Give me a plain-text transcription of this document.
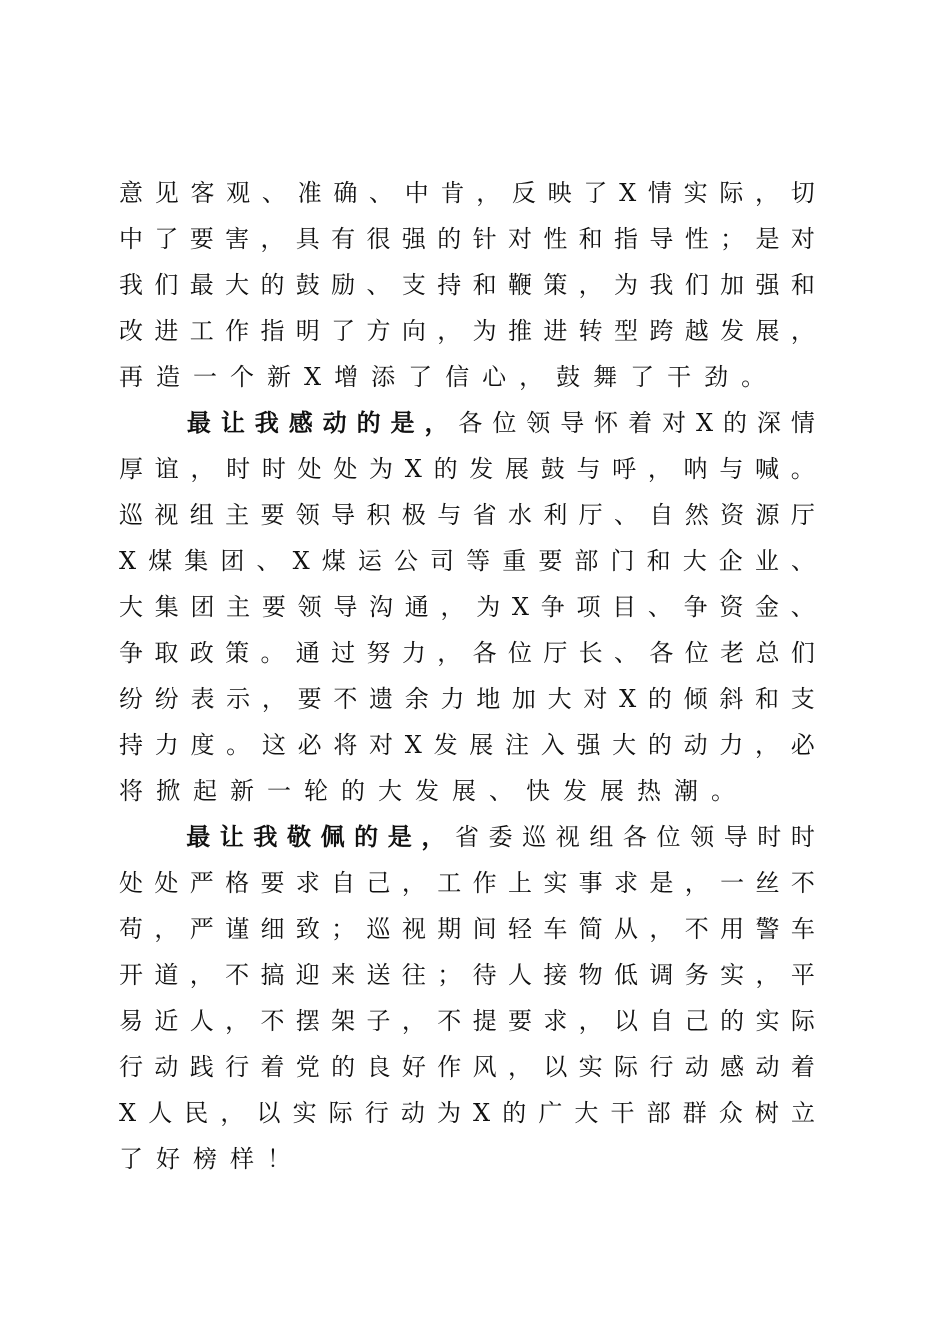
意 见 客 观 、 准 确 、 中 肯 ， 反 映 了 X 情 实 际 ， 切
中 了 要 害 ， 具 有 很 强 的 针 对 性 和 指 导 性 ； 是 对
我 们 最 大 的 鼓 励 、 支 持 和 鞭 策 ， 为 我 们 加 强 和
改 进 工 作 指 明 了 方 向 ， 为 推 进 转 型 跨 越 发 展 ，
再 造 一 个 新 X 增 添 了 信 心 ， 鼓 舞 了 干 劲 。

最 让 我 感 动 的 是 ， 各 位 领 导 怀 着 对 X 的 深 情
厚 谊 ， 时 时 处 处 为 X 的 发 展 鼓 与 呼 ， 呐 与 喊 。
巡 视 组 主 要 领 导 积 极 与 省 水 利 厅 、 自 然 资 源 厅
X 煤 集 团 、 X 煤 运 公 司 等 重 要 部 门 和 大 企 业 、
大 集 团 主 要 领 导 沟 通 ， 为 X 争 项 目 、 争 资 金 、
争 取 政 策 。 通 过 努 力 ， 各 位 厅 长 、 各 位 老 总 们
纷 纷 表 示 ， 要 不 遗 余 力 地 加 大 对 X 的 倾 斜 和 支
持 力 度 。 这 必 将 对 X 发 展 注 入 强 大 的 动 力 ， 必
将 掀 起 新 一 轮 的 大 发 展 、 快 发 展 热 潮 。

最 让 我 敬 佩 的 是 ， 省 委 巡 视 组 各 位 领 导 时 时
处 处 严 格 要 求 自 己 ， 工 作 上 实 事 求 是 ， 一 丝 不
苟 ， 严 谨 细 致 ； 巡 视 期 间 轻 车 简 从 ， 不 用 警 车
开 道 ， 不 搞 迎 来 送 往 ； 待 人 接 物 低 调 务 实 ， 平
易 近 人 ， 不 摆 架 子 ， 不 提 要 求 ， 以 自 己 的 实 际
行 动 践 行 着 党 的 良 好 作 风 ， 以 实 际 行 动 感 动 着
X 人 民 ， 以 实 际 行 动 为 X 的 广 大 干 部 群 众 树 立
了 好 榜 样 ！
